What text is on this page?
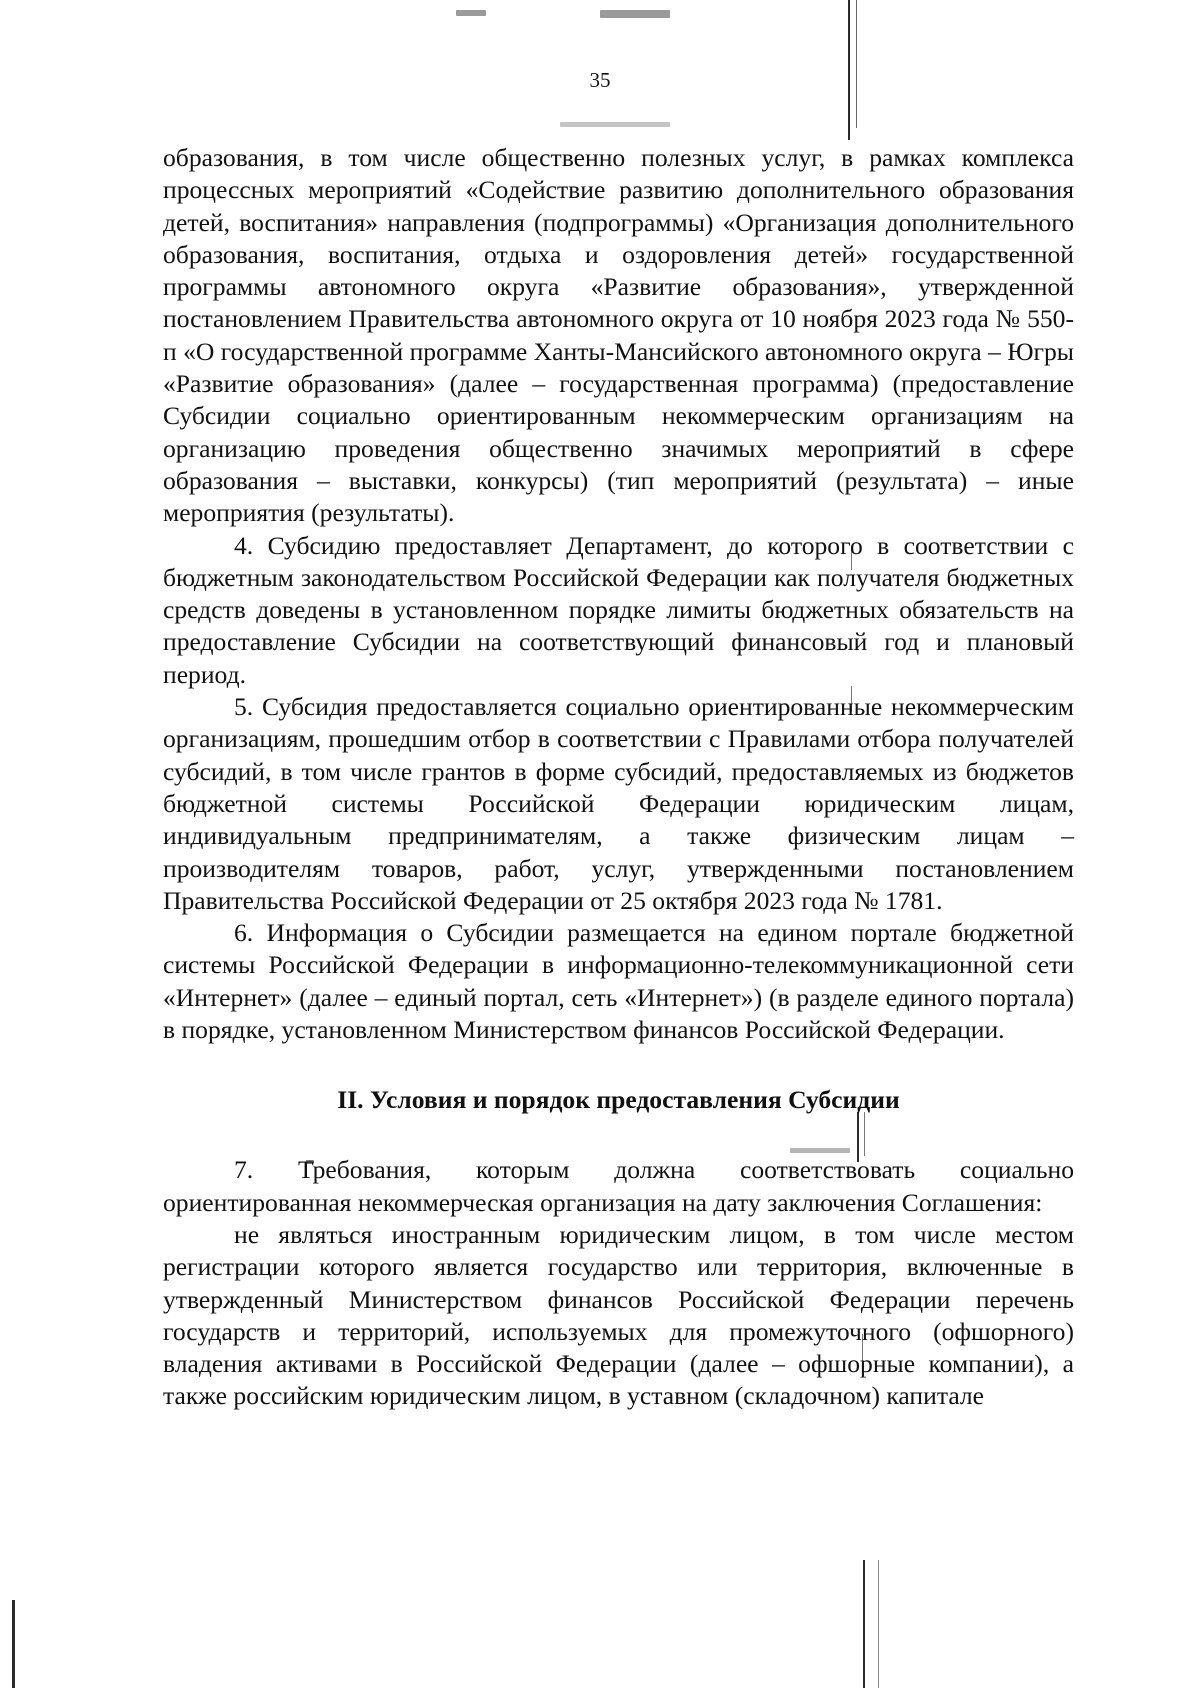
35

образования, в том числе общественно полезных услуг, в рамках комплекса процессных мероприятий «Содействие развитию дополнительного образования детей, воспитания» направления (подпрограммы) «Организация дополнительного образования, воспитания, отдыха и оздоровления детей» государственной программы автономного округа «Развитие образования», утвержденной постановлением Правительства автономного округа от 10 ноября 2023 года № 550-п «О государственной программе Ханты-Мансийского автономного округа – Югры «Развитие образования» (далее – государственная программа) (предоставление Субсидии социально ориентированным некоммерческим организациям на организацию проведения общественно значимых мероприятий в сфере образования – выставки, конкурсы) (тип мероприятий (результата) – иные мероприятия (результаты).

4. Субсидию предоставляет Департамент, до которого в соответствии с бюджетным законодательством Российской Федерации как получателя бюджетных средств доведены в установленном порядке лимиты бюджетных обязательств на предоставление Субсидии на соответствующий финансовый год и плановый период.

5. Субсидия предоставляется социально ориентированные некоммерческим организациям, прошедшим отбор в соответствии с Правилами отбора получателей субсидий, в том числе грантов в форме субсидий, предоставляемых из бюджетов бюджетной системы Российской Федерации юридическим лицам, индивидуальным предпринимателям, а также физическим лицам – производителям товаров, работ, услуг, утвержденными постановлением Правительства Российской Федерации от 25 октября 2023 года № 1781.

6. Информация о Субсидии размещается на едином портале бюджетной системы Российской Федерации в информационно-телекоммуникационной сети «Интернет» (далее – единый портал, сеть «Интернет») (в разделе единого портала) в порядке, установленном Министерством финансов Российской Федерации.

II. Условия и порядок предоставления Субсидии

7. Требования, которым должна соответствовать социально ориентированная некоммерческая организация на дату заключения Соглашения:

не являться иностранным юридическим лицом, в том числе местом регистрации которого является государство или территория, включенные в утвержденный Министерством финансов Российской Федерации перечень государств и территорий, используемых для промежуточного (офшорного) владения активами в Российской Федерации (далее – офшорные компании), а также российским юридическим лицом, в уставном (складочном) капитале
